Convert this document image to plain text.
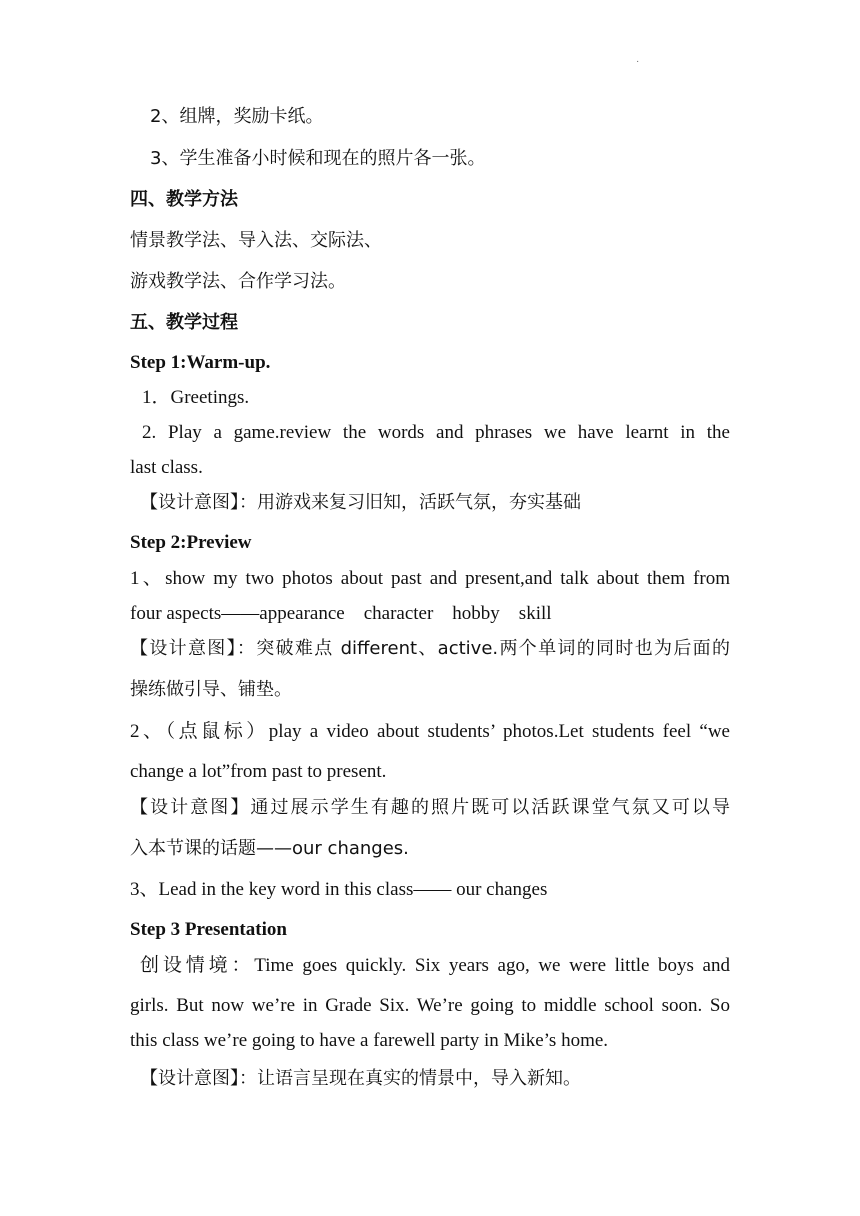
·
2、组牌，奖励卡纸。
3、学生准备小时候和现在的照片各一张。
四、教学方法
情景教学法、导入法、交际法、
游戏教学法、合作学习法。
五、教学过程
Step 1:Warm-up.
1．Greetings.
2. Play a game.review the words and phrases we have learnt in the
last class.
【设计意图】：用游戏来复习旧知，活跃气氛，夯实基础
Step 2:Preview
1、show my two photos about past and present,and talk about them from
four aspects——appearance    character    hobby    skill
【设计意图】：突破难点 different、active.两个单词的同时也为后面的
操练做引导、铺垫。
2、（点鼠标）play a video about students’ photos.Let students feel “we
change a lot”from past to present.
【设计意图】通过展示学生有趣的照片既可以活跃课堂气氛又可以导
入本节课的话题——our changes.
3、Lead in the key word in this class—— our changes
Step 3 Presentation
创设情境：Time goes quickly. Six years ago, we were little boys and
girls. But now we’re in Grade Six. We’re going to middle school soon. So
this class we’re going to have a farewell party in Mike’s home.
【设计意图】：让语言呈现在真实的情景中，导入新知。
